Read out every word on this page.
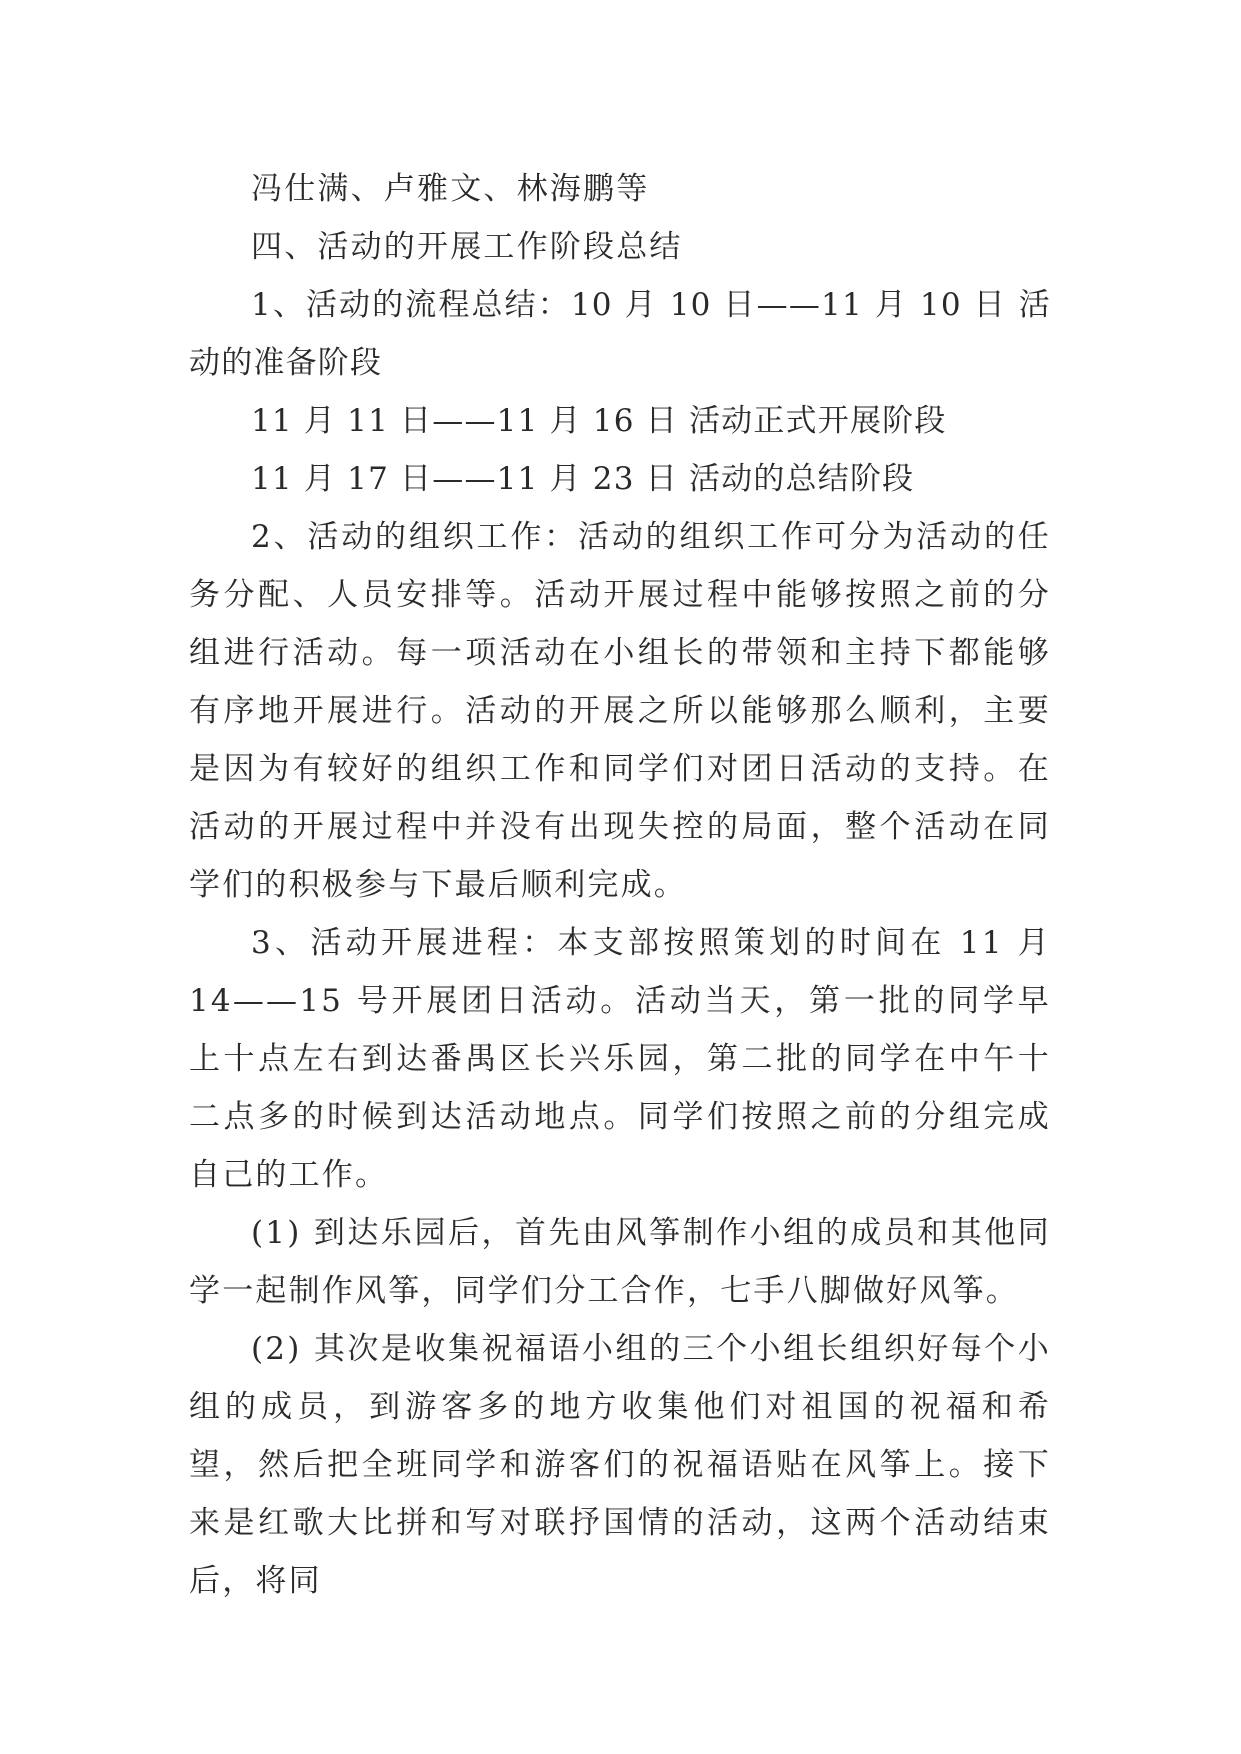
冯仕满、卢雅文、林海鹏等

四、活动的开展工作阶段总结

1、活动的流程总结：10 月 10 日——11 月 10 日 活动的准备阶段

11 月 11 日——11 月 16 日 活动正式开展阶段

11 月 17 日——11 月 23 日 活动的总结阶段

2、活动的组织工作：活动的组织工作可分为活动的任务分配、人员安排等。活动开展过程中能够按照之前的分组进行活动。每一项活动在小组长的带领和主持下都能够有序地开展进行。活动的开展之所以能够那么顺利，主要是因为有较好的组织工作和同学们对团日活动的支持。在活动的开展过程中并没有出现失控的局面，整个活动在同学们的积极参与下最后顺利完成。

3、活动开展进程：本支部按照策划的时间在 11 月 14——15 号开展团日活动。活动当天，第一批的同学早上十点左右到达番禺区长兴乐园，第二批的同学在中午十二点多的时候到达活动地点。同学们按照之前的分组完成自己的工作。

(1) 到达乐园后，首先由风筝制作小组的成员和其他同学一起制作风筝，同学们分工合作，七手八脚做好风筝。

(2) 其次是收集祝福语小组的三个小组长组织好每个小组的成员，到游客多的地方收集他们对祖国的祝福和希望，然后把全班同学和游客们的祝福语贴在风筝上。接下来是红歌大比拼和写对联抒国情的活动，这两个活动结束后，将同
